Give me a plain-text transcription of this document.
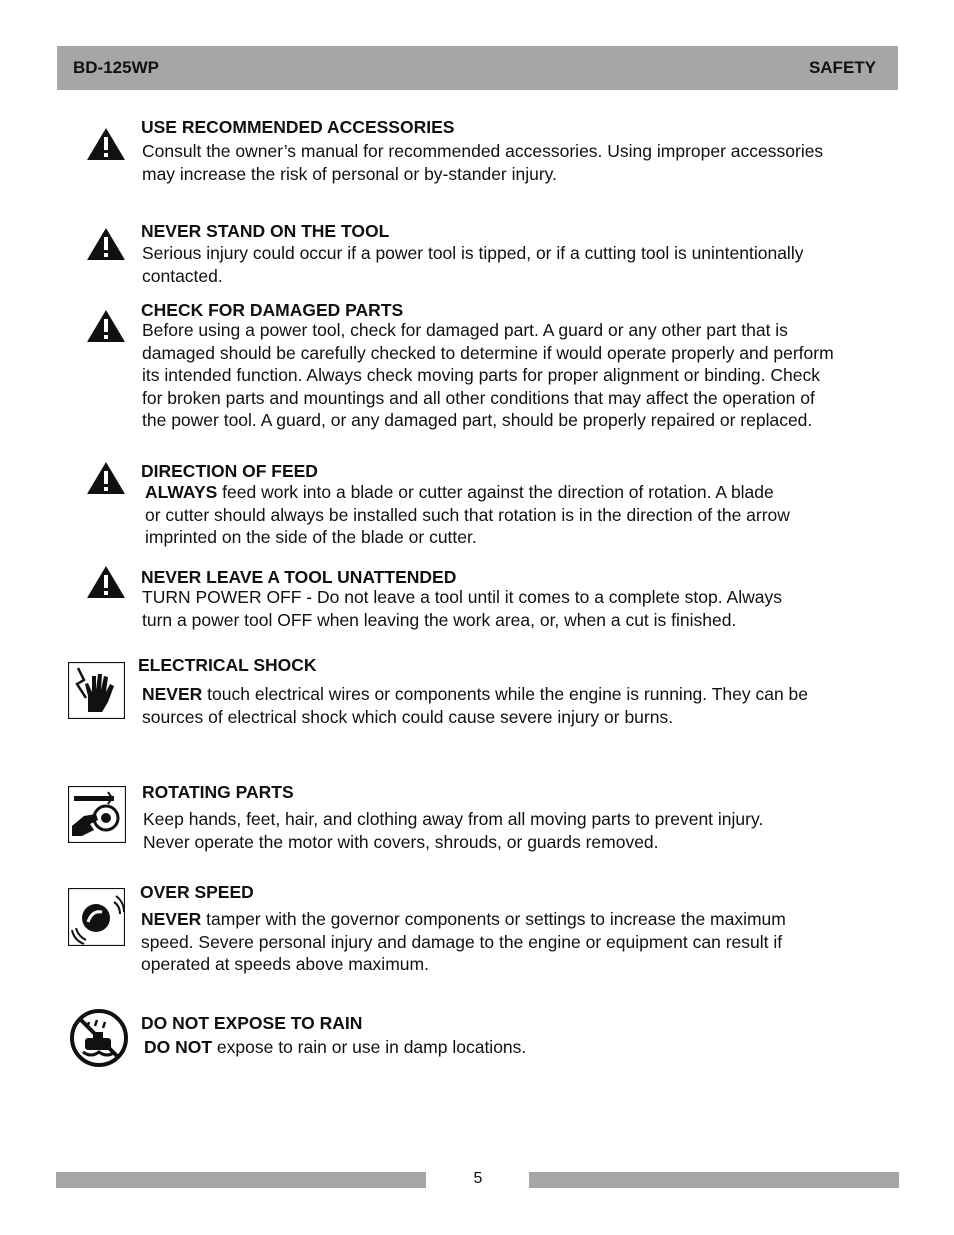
BD-125WP	SAFETY
USE RECOMMENDED ACCESSORIES
Consult the owner’s manual for recommended accessories. Using improper accessories
may increase the risk of personal or by-stander injury.
NEVER STAND ON THE TOOL
Serious injury could occur if a power tool is tipped, or if a cutting tool is unintentionally
contacted.
CHECK FOR DAMAGED PARTS
Before using a power tool, check for damaged part. A guard or any other part that is
damaged should be carefully checked to determine if would operate properly and perform
its intended function. Always check moving parts for proper alignment or binding. Check
for broken parts and mountings and all other conditions that may affect the operation of
the power tool. A guard, or any damaged part, should be properly repaired or replaced.
DIRECTION OF FEED
ALWAYS feed work into a blade or cutter against the direction of rotation. A blade
or cutter should always be installed such that rotation is in the direction of the arrow
imprinted on the side of the blade or cutter.
NEVER LEAVE A TOOL UNATTENDED
TURN POWER OFF - Do not leave a tool until it comes to a complete stop. Always
turn a power tool OFF when leaving the work area, or, when a cut is finished.
ELECTRICAL SHOCK
NEVER touch electrical wires or components while the engine is running. They can be
sources of electrical shock which could cause severe injury or burns.
ROTATING PARTS
Keep hands, feet, hair, and clothing away from all moving parts to prevent injury.
Never operate the motor with covers, shrouds, or guards removed.
OVER SPEED
NEVER tamper with the governor components or settings to increase the maximum
speed. Severe personal injury and damage to the engine or equipment can result if
operated at speeds above maximum.
DO NOT EXPOSE TO RAIN
DO NOT expose to rain or use in damp locations.
5
